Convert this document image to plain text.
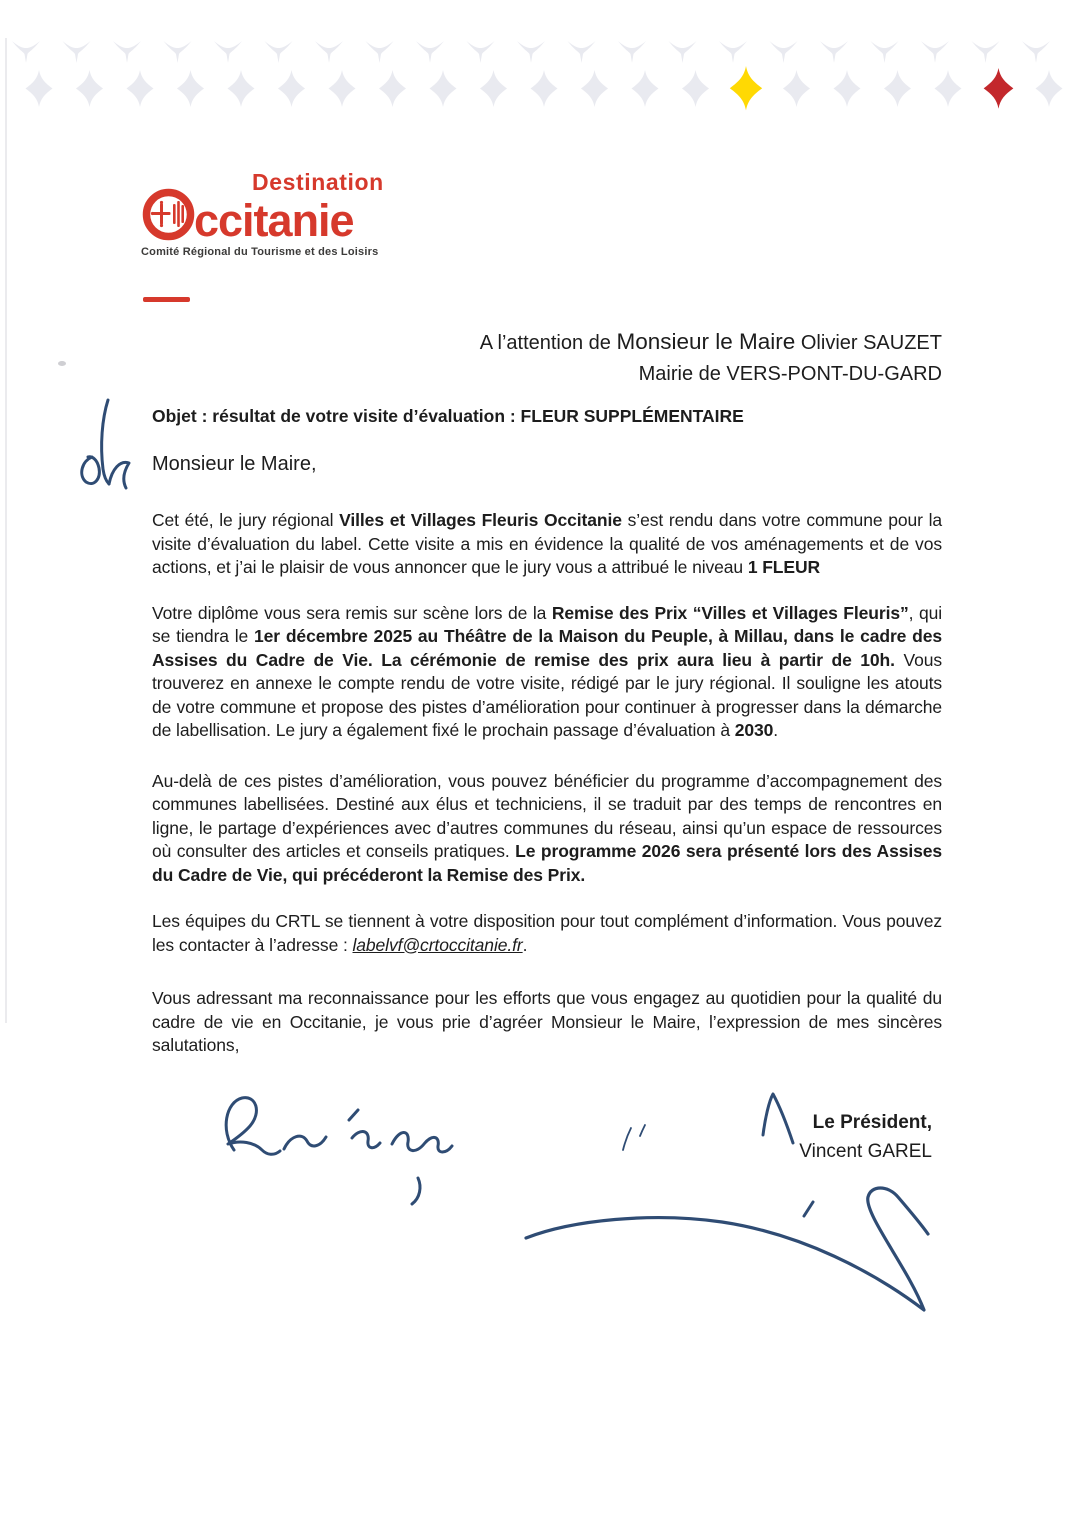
Destination
ccitanie
Comité Régional du Tourisme et des Loisirs
A l’attention de Monsieur le Maire Olivier SAUZET
Mairie de VERS-PONT-DU-GARD
Objet : résultat de votre visite d’évaluation : FLEUR SUPPLÉMENTAIRE
Monsieur le Maire,

Cet été, le jury régional Villes et Villages Fleuris Occitanie s’est rendu dans votre commune pour la visite d’évaluation du label. Cette visite a mis en évidence la qualité de vos aménagements et de vos actions, et j’ai le plaisir de vous annoncer que le jury vous a attribué le niveau 1 FLEUR

Votre diplôme vous sera remis sur scène lors de la Remise des Prix “Villes et Villages Fleuris”, qui se tiendra le 1er décembre 2025 au Théâtre de la Maison du Peuple, à Millau, dans le cadre des Assises du Cadre de Vie. La cérémonie de remise des prix aura lieu à partir de 10h. Vous trouverez en annexe le compte rendu de votre visite, rédigé par le jury régional. Il souligne les atouts de votre commune et propose des pistes d’amélioration pour continuer à progresser dans la démarche de labellisation. Le jury a également fixé le prochain passage d’évaluation à 2030.

Au-delà de ces pistes d’amélioration, vous pouvez bénéficier du programme d’accompagnement des communes labellisées. Destiné aux élus et techniciens, il se traduit par des temps de rencontres en ligne, le partage d’expériences avec d’autres communes du réseau, ainsi qu’un espace de ressources où consulter des articles et conseils pratiques. Le programme 2026 sera présenté lors des Assises du Cadre de Vie, qui précéderont la Remise des Prix.

Les équipes du CRTL se tiennent à votre disposition pour tout complément d’information. Vous pouvez les contacter à l’adresse : labelvf@crtoccitanie.fr.

Vous adressant ma reconnaissance pour les efforts que vous engagez au quotidien pour la qualité du cadre de vie en Occitanie, je vous prie d’agréer Monsieur le Maire, l’expression de mes sincères salutations,

Le Président,
Vincent GAREL
